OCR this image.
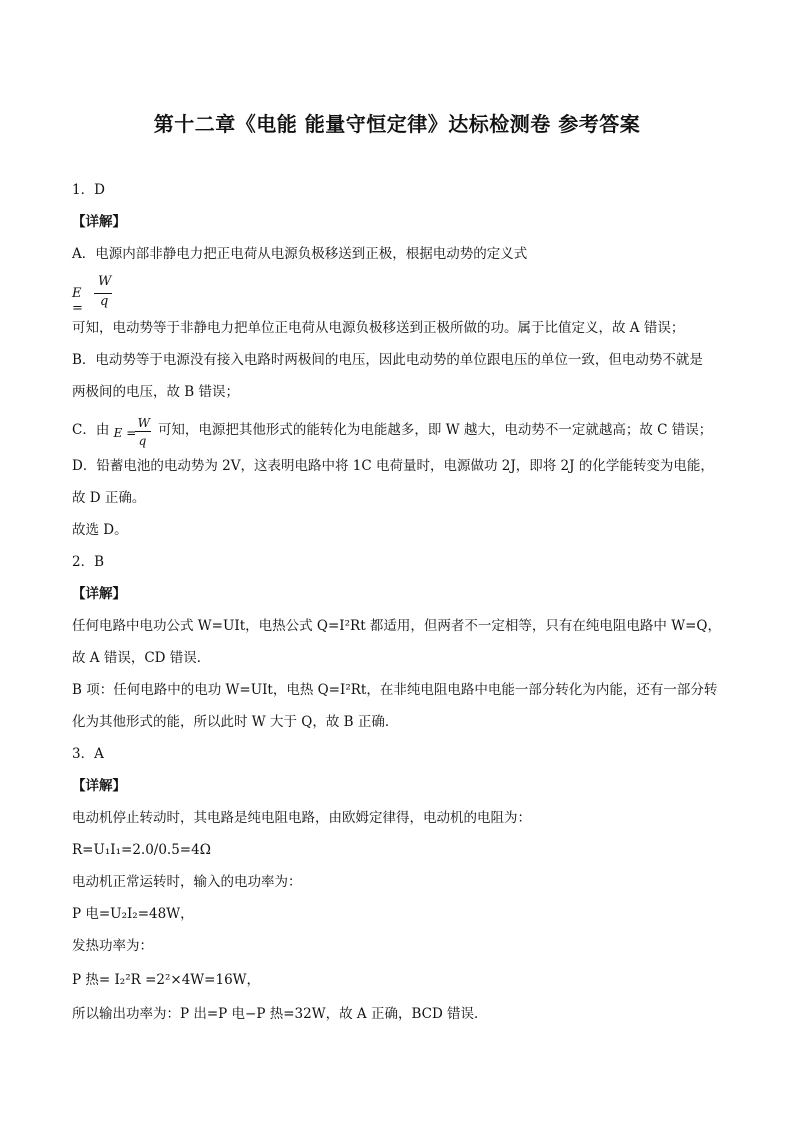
第十二章《电能 能量守恒定律》达标检测卷 参考答案
1．D
【详解】
A．电源内部非静电力把正电荷从电源负极移送到正极，根据电动势的定义式
E =
W
q
可知，电动势等于非静电力把单位正电荷从电源负极移送到正极所做的功。属于比值定义，故 A 错误；
B．电动势等于电源没有接入电路时两极间的电压，因此电动势的单位跟电压的单位一致，但电动势不就是
两极间的电压，故 B 错误；
C．由 E =
W
q
可知，电源把其他形式的能转化为电能越多，即 W 越大，电动势不一定就越高；故 C 错误；
D．铅蓄电池的电动势为 2V，这表明电路中将 1C 电荷量时，电源做功 2J，即将 2J 的化学能转变为电能，
故 D 正确。
故选 D。
2．B
【详解】
任何电路中电功公式 W=UIt，电热公式 Q=I²Rt 都适用，但两者不一定相等，只有在纯电阻电路中 W=Q，
故 A 错误，CD 错误．
B 项：任何电路中的电功 W=UIt，电热 Q=I²Rt，在非纯电阻电路中电能一部分转化为内能，还有一部分转
化为其他形式的能，所以此时 W 大于 Q，故 B 正确．
3．A
【详解】
电动机停止转动时，其电路是纯电阻电路，由欧姆定律得，电动机的电阻为：
R=U₁I₁=2.0/0.5=4Ω
电动机正常运转时，输入的电功率为：
P 电=U₂I₂=48W，
发热功率为：
P 热= I₂²R =2²×4W=16W，
所以输出功率为：P 出=P 电−P 热=32W，故 A 正确，BCD 错误．
